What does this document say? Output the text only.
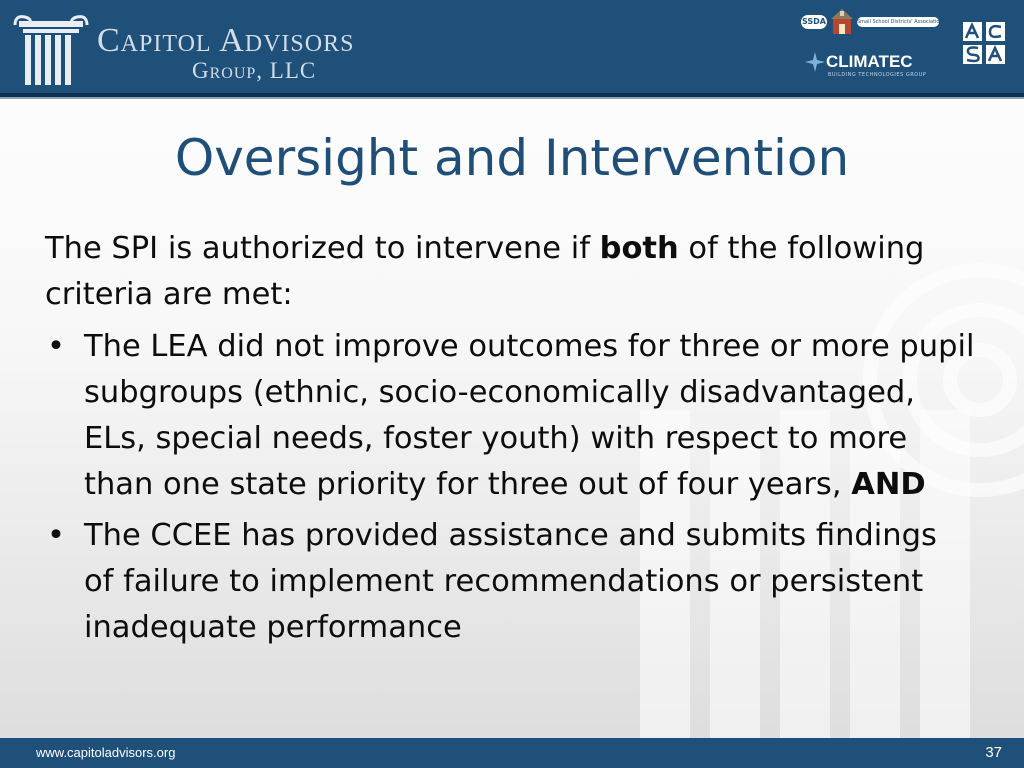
Capitol Advisors
Group, LLC
SSDA	Small School Districts' Association
CLIMATEC
BUILDING TECHNOLOGIES GROUP
Oversight and Intervention

The SPI is authorized to intervene if both of the following criteria are met:

• The LEA did not improve outcomes for three or more pupil subgroups (ethnic, socio-economically disadvantaged, ELs, special needs, foster youth) with respect to more than one state priority for three out of four years, AND
• The CCEE has provided assistance and submits findings of failure to implement recommendations or persistent inadequate performance
www.capitoladvisors.org	37
